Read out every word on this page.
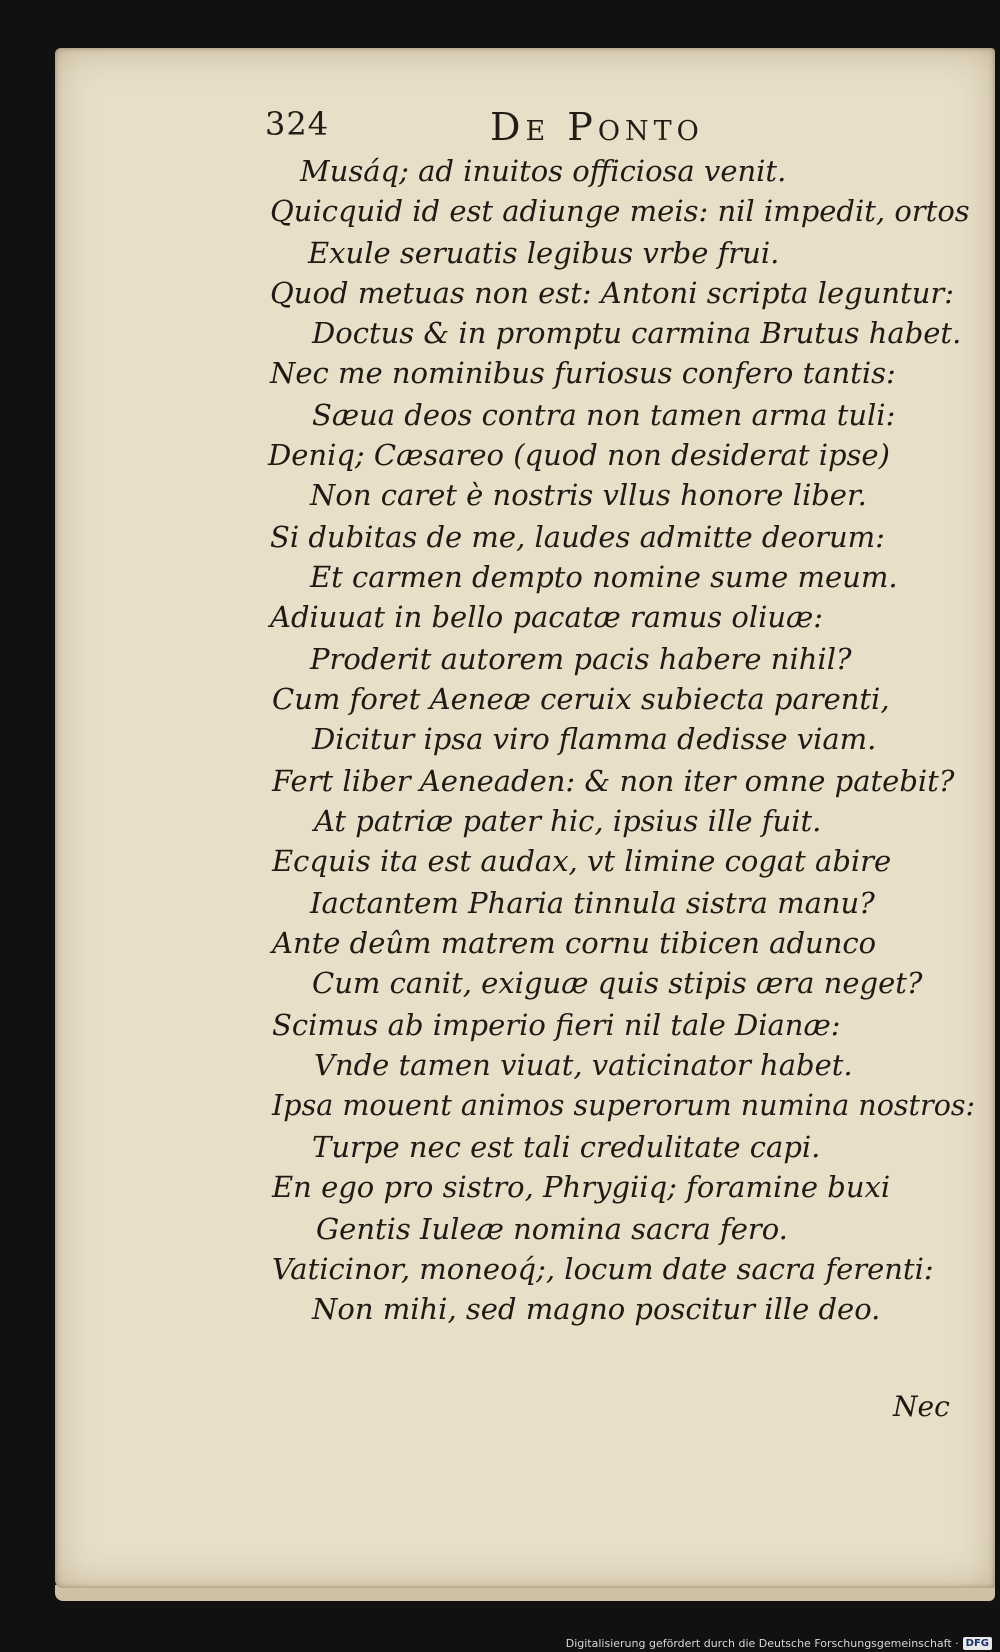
324	De Ponto
Musáq; ad inuitos officiosa venit.
Quicquid id est adiunge meis: nil impedit, ortos
Exule seruatis legibus vrbe frui.
Quod metuas non est: Antoni scripta leguntur:
Doctus & in promptu carmina Brutus habet.
Nec me nominibus furiosus confero tantis:
Sæua deos contra non tamen arma tuli:
Deniq; Cæsareo (quod non desiderat ipse)
Non caret è nostris vllus honore liber.
Si dubitas de me, laudes admitte deorum:
Et carmen dempto nomine sume meum.
Adiuuat in bello pacatæ ramus oliuæ:
Proderit autorem pacis habere nihil?
Cum foret Aeneæ ceruix subiecta parenti,
Dicitur ipsa viro flamma dedisse viam.
Fert liber Aeneaden: & non iter omne patebit?
At patriæ pater hic, ipsius ille fuit.
Ecquis ita est audax, vt limine cogat abire
Iactantem Pharia tinnula sistra manu?
Ante deûm matrem cornu tibicen adunco
Cum canit, exiguæ quis stipis æra neget?
Scimus ab imperio fieri nil tale Dianæ:
Vnde tamen viuat, vaticinator habet.
Ipsa mouent animos superorum numina nostros:
Turpe nec est tali credulitate capi.
En ego pro sistro, Phrygiiq; foramine buxi
Gentis Iuleæ nomina sacra fero.
Vaticinor, moneoq́;, locum date sacra ferenti:
Non mihi, sed magno poscitur ille deo.
Nec
Digitalisierung gefördert durch die Deutsche Forschungsgemeinschaft · DFG
